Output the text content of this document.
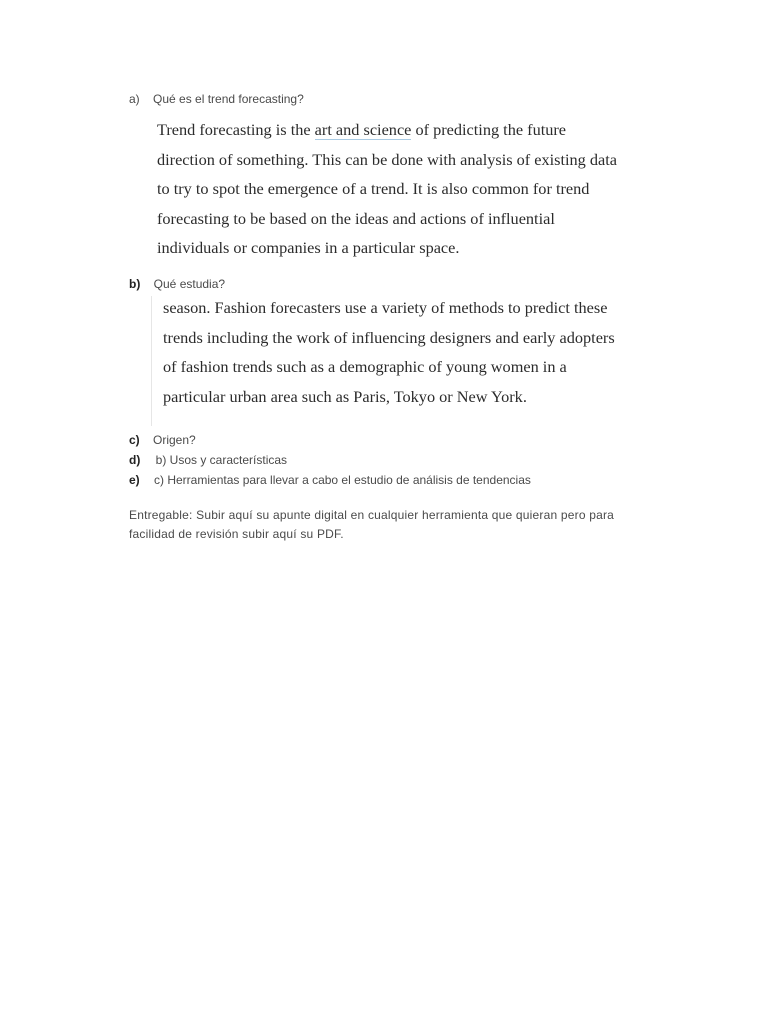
a) Qué es el trend forecasting?
Trend forecasting is the art and science of predicting the future
direction of something. This can be done with analysis of existing data
to try to spot the emergence of a trend. It is also common for trend
forecasting to be based on the ideas and actions of influential
individuals or companies in a particular space.
b) Qué estudia?
season. Fashion forecasters use a variety of methods to predict these
trends including the work of influencing designers and early adopters
of fashion trends such as a demographic of young women in a
particular urban area such as Paris, Tokyo or New York.
c) Origen?
d) b) Usos y características
e) c) Herramientas para llevar a cabo el estudio de análisis de tendencias
Entregable: Subir aquí su apunte digital en cualquier herramienta que quieran pero para
facilidad de revisión subir aquí su PDF.
